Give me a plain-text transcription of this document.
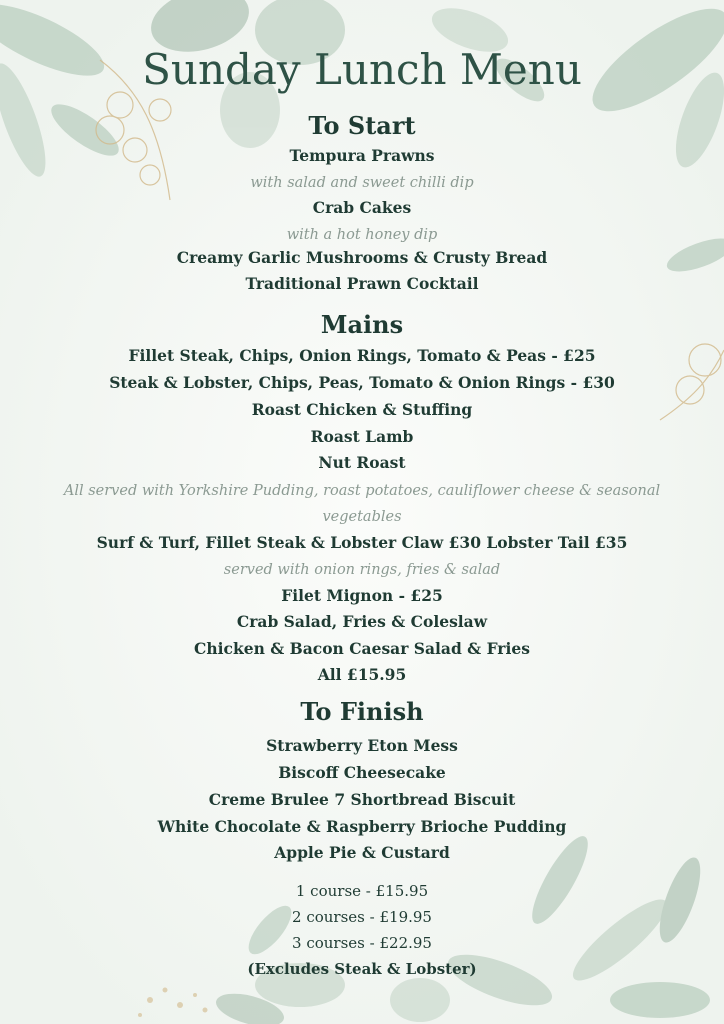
Sunday Lunch Menu
To Start
Tempura Prawns
with salad and sweet chilli dip
Crab Cakes
with a hot honey dip
Creamy Garlic Mushrooms & Crusty Bread
Traditional Prawn Cocktail
Mains
Fillet Steak, Chips, Onion Rings, Tomato & Peas - £25
Steak & Lobster, Chips, Peas, Tomato & Onion Rings - £30
Roast Chicken & Stuffing
Roast Lamb
Nut Roast
All served with Yorkshire Pudding, roast potatoes, cauliflower cheese & seasonal vegetables
Surf & Turf, Fillet Steak & Lobster Claw £30 Lobster Tail £35
served with onion rings, fries & salad
Filet Mignon - £25
Crab Salad, Fries & Coleslaw
Chicken & Bacon Caesar Salad & Fries
All £15.95
To Finish
Strawberry Eton Mess
Biscoff Cheesecake
Creme Brulee 7 Shortbread Biscuit
White Chocolate & Raspberry Brioche Pudding
Apple Pie & Custard
1 course - £15.95
2 courses - £19.95
3 courses - £22.95
(Excludes Steak & Lobster)
